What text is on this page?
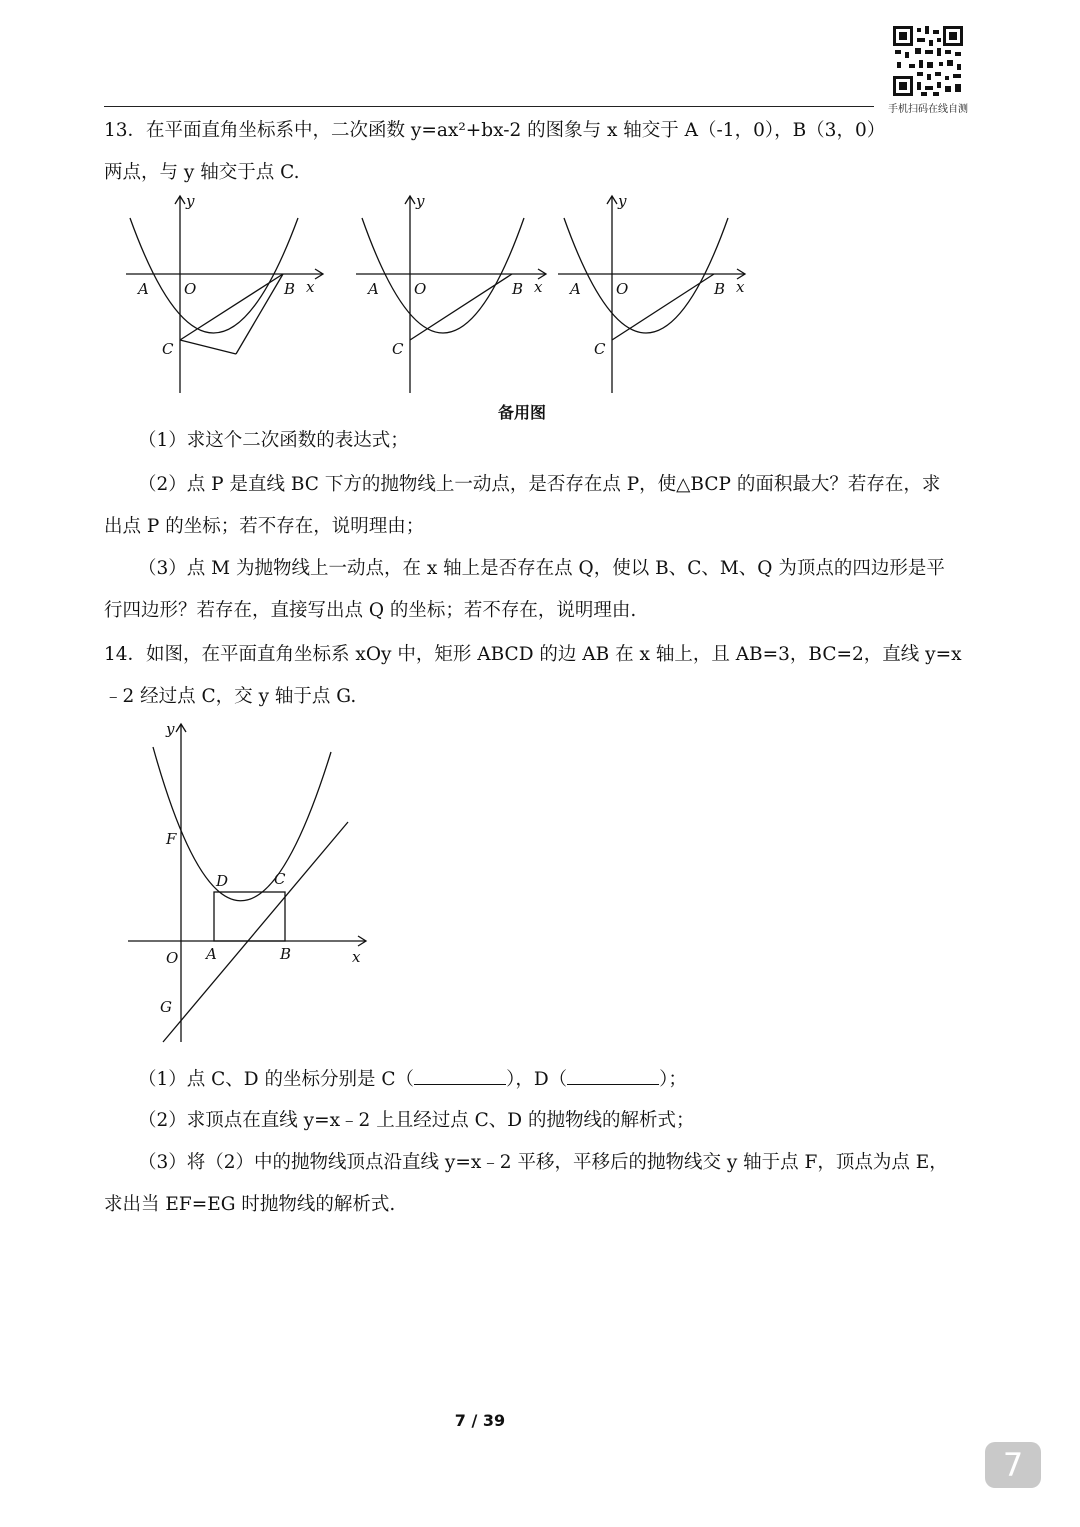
手机扫码在线自测
13．在平面直角坐标系中，二次函数 y=ax²+bx-2 的图象与 x 轴交于 A（-1，0），B（3，0）
两点，与 y 轴交于点 C.
A O	B x
y
C
A O	B x
y
C
A O	B x
y
C
备用图
（1）求这个二次函数的表达式；
（2）点 P 是直线 BC 下方的抛物线上一动点，是否存在点 P，使△BCP 的面积最大？若存在，求
出点 P 的坐标；若不存在，说明理由；
（3）点 M 为抛物线上一动点，在 x 轴上是否存在点 Q，使以 B、C、M、Q 为顶点的四边形是平
行四边形？若存在，直接写出点 Q 的坐标；若不存在，说明理由.
14．如图，在平面直角坐标系 xOy 中，矩形 ABCD 的边 AB 在 x 轴上，且 AB=3，BC=2，直线 y=x
﹣2 经过点 C，交 y 轴于点 G.
y
x
F
D	C
O A	B
G
（1）点 C、D 的坐标分别是 C（	），D（	）；
（2）求顶点在直线 y=x﹣2 上且经过点 C、D 的抛物线的解析式；
（3）将（2）中的抛物线顶点沿直线 y=x﹣2 平移，平移后的抛物线交 y 轴于点 F，顶点为点 E，
求出当 EF=EG 时抛物线的解析式.
7 / 39
7
